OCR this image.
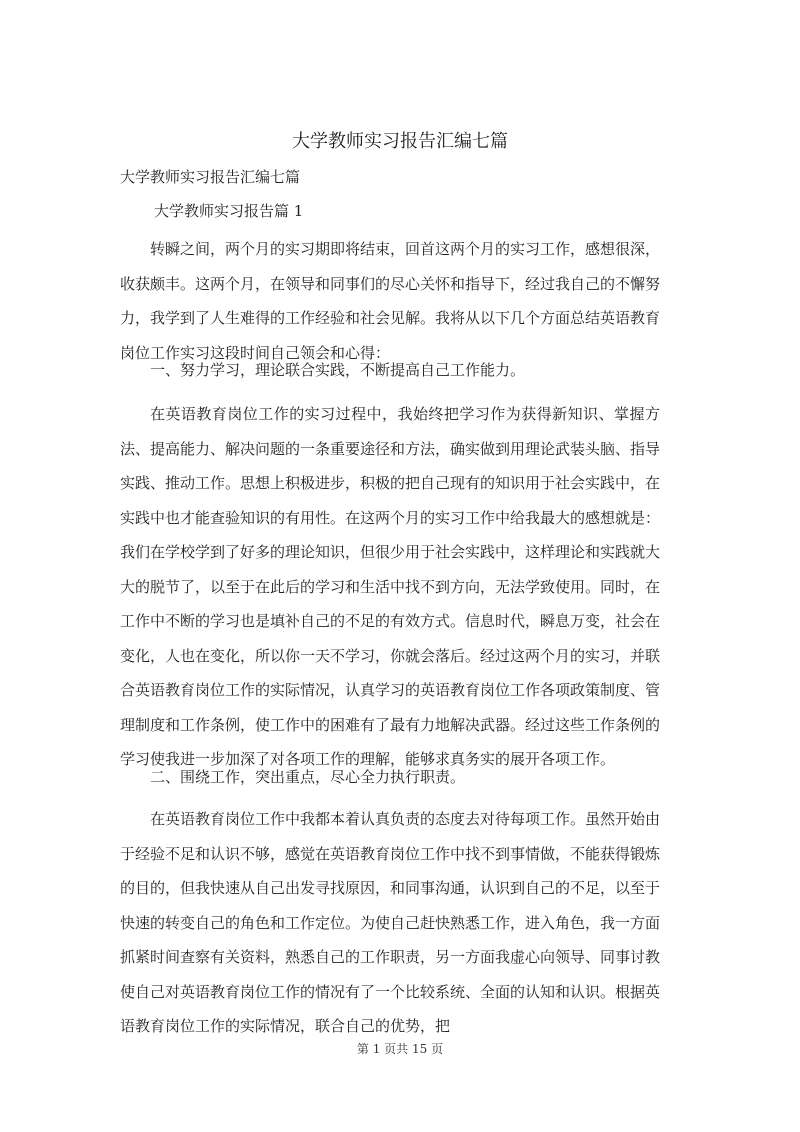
大学教师实习报告汇编七篇
大学教师实习报告汇编七篇
大学教师实习报告篇 1

转瞬之间，两个月的实习期即将结束，回首这两个月的实习工作，感想很深，收获颇丰。这两个月，在领导和同事们的尽心关怀和指导下，经过我自己的不懈努力，我学到了人生难得的工作经验和社会见解。我将从以下几个方面总结英语教育岗位工作实习这段时间自己领会和心得：

一、努力学习，理论联合实践，不断提高自己工作能力。

在英语教育岗位工作的实习过程中，我始终把学习作为获得新知识、掌握方法、提高能力、解决问题的一条重要途径和方法，确实做到用理论武装头脑、指导实践、推动工作。思想上积极进步，积极的把自己现有的知识用于社会实践中，在实践中也才能查验知识的有用性。在这两个月的实习工作中给我最大的感想就是：我们在学校学到了好多的理论知识，但很少用于社会实践中，这样理论和实践就大大的脱节了，以至于在此后的学习和生活中找不到方向，无法学致使用。同时，在工作中不断的学习也是填补自己的不足的有效方式。信息时代，瞬息万变，社会在变化，人也在变化，所以你一天不学习，你就会落后。经过这两个月的实习，并联合英语教育岗位工作的实际情况，认真学习的英语教育岗位工作各项政策制度、管理制度和工作条例，使工作中的困难有了最有力地解决武器。经过这些工作条例的学习使我进一步加深了对各项工作的理解，能够求真务实的展开各项工作。

二、围绕工作，突出重点，尽心全力执行职责。

在英语教育岗位工作中我都本着认真负责的态度去对待每项工作。虽然开始由于经验不足和认识不够，感觉在英语教育岗位工作中找不到事情做，不能获得锻炼的目的，但我快速从自己出发寻找原因，和同事沟通，认识到自己的不足，以至于快速的转变自己的角色和工作定位。为使自己赶快熟悉工作，进入角色，我一方面抓紧时间查察有关资料，熟悉自己的工作职责，另一方面我虚心向领导、同事讨教使自己对英语教育岗位工作的情况有了一个比较系统、全面的认知和认识。根据英语教育岗位工作的实际情况，联合自己的优势，把

第 1 页共 15 页
